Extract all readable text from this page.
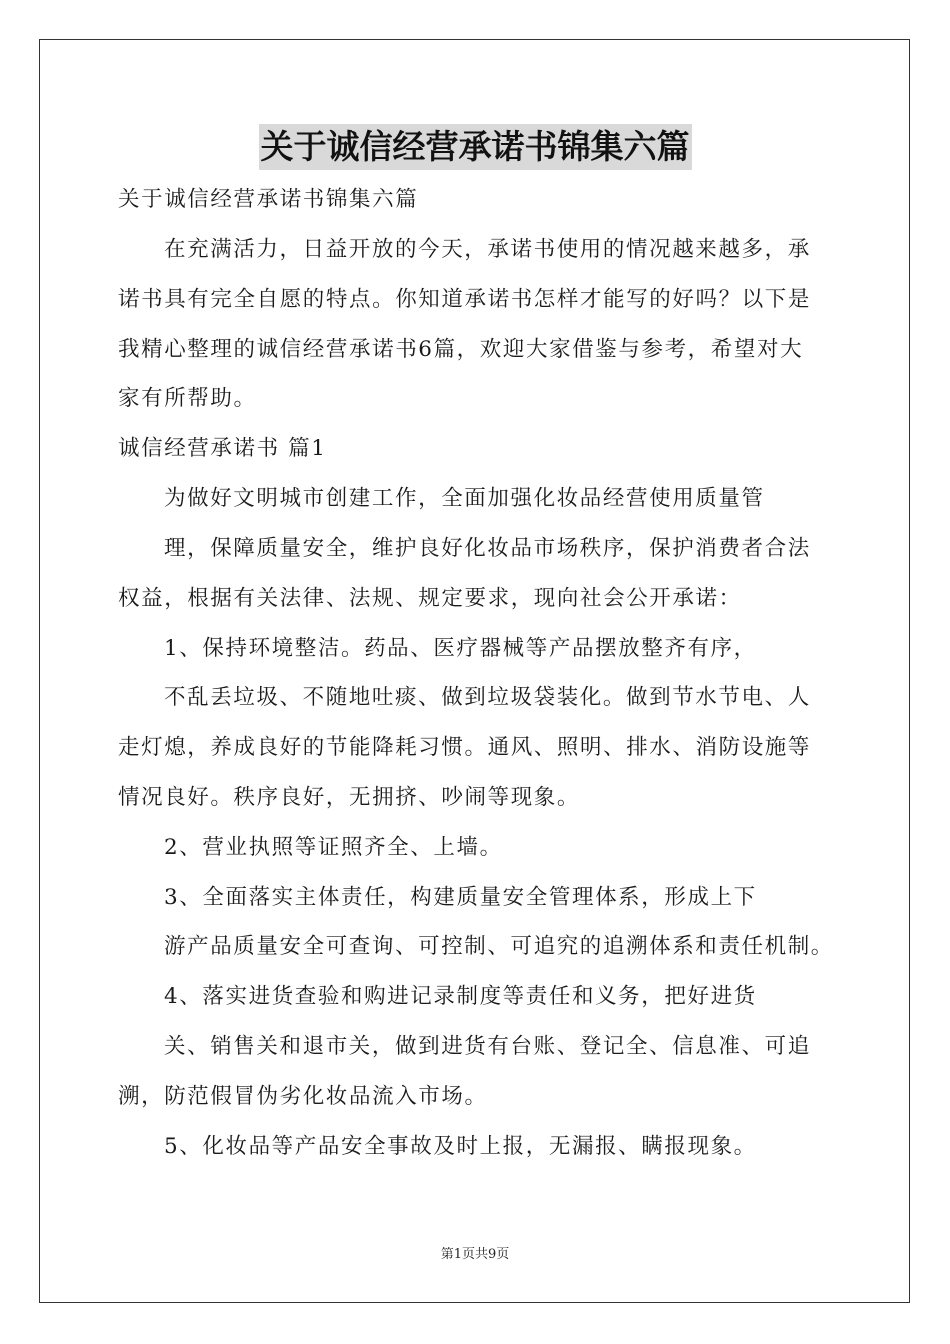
关于诚信经营承诺书锦集六篇

关于诚信经营承诺书锦集六篇

在充满活力，日益开放的今天，承诺书使用的情况越来越多，承

诺书具有完全自愿的特点。你知道承诺书怎样才能写的好吗？以下是

我精心整理的诚信经营承诺书6篇，欢迎大家借鉴与参考，希望对大

家有所帮助。

诚信经营承诺书 篇1

为做好文明城市创建工作，全面加强化妆品经营使用质量管

理，保障质量安全，维护良好化妆品市场秩序，保护消费者合法

权益，根据有关法律、法规、规定要求，现向社会公开承诺：

1、保持环境整洁。药品、医疗器械等产品摆放整齐有序，

不乱丢垃圾、不随地吐痰、做到垃圾袋装化。做到节水节电、人

走灯熄，养成良好的节能降耗习惯。通风、照明、排水、消防设施等

情况良好。秩序良好，无拥挤、吵闹等现象。

2、营业执照等证照齐全、上墙。

3、全面落实主体责任，构建质量安全管理体系，形成上下

游产品质量安全可查询、可控制、可追究的追溯体系和责任机制。

4、落实进货查验和购进记录制度等责任和义务，把好进货

关、销售关和退市关，做到进货有台账、登记全、信息准、可追

溯，防范假冒伪劣化妆品流入市场。

5、化妆品等产品安全事故及时上报，无漏报、瞒报现象。

第1页共9页
